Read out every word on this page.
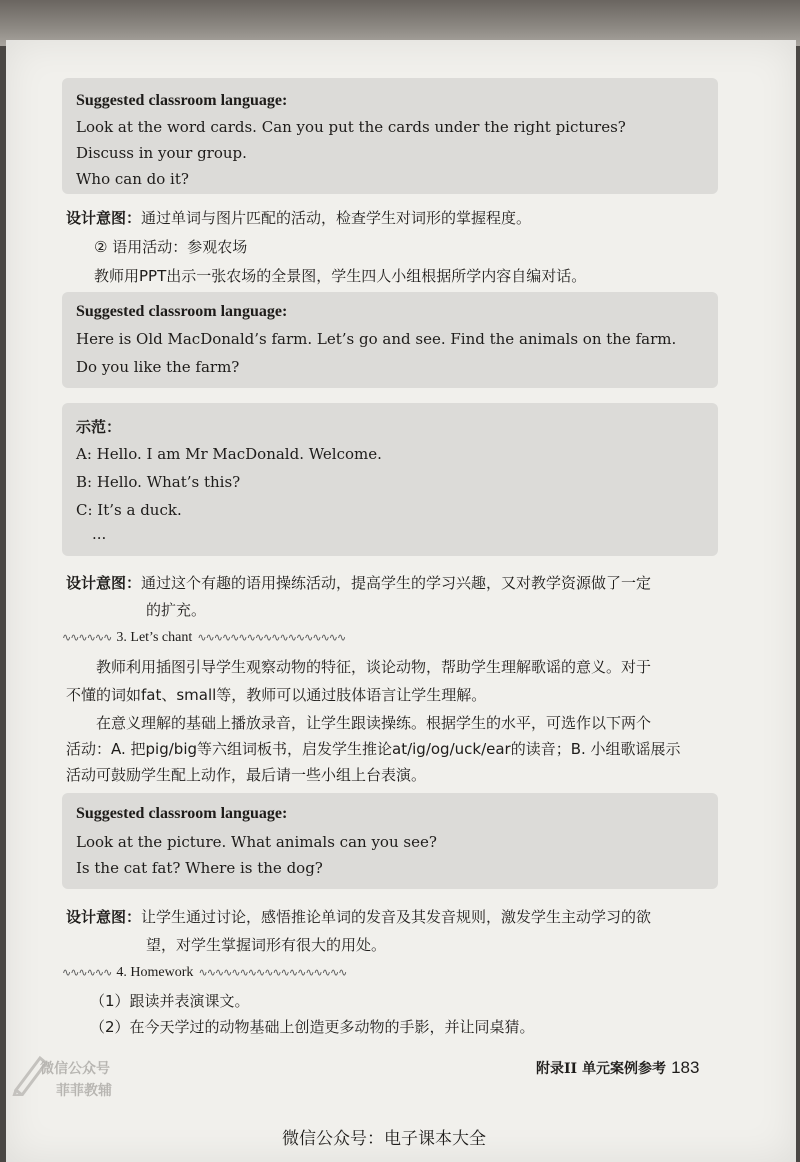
Suggested classroom language:
Look at the word cards. Can you put the cards under the right pictures?
Discuss in your group.
Who can do it?
设计意图：通过单词与图片匹配的活动，检查学生对词形的掌握程度。
② 语用活动：参观农场
教师用PPT出示一张农场的全景图，学生四人小组根据所学内容自编对话。
Suggested classroom language:
Here is Old MacDonald’s farm. Let’s go and see. Find the animals on the farm.
Do you like the farm?
示范：
A: Hello. I am Mr MacDonald. Welcome.
B: Hello. What’s this?
C: It’s a duck.
...
设计意图：通过这个有趣的语用操练活动，提高学生的学习兴趣，又对教学资源做了一定
的扩充。
∿∿∿∿∿∿ 3. Let’s chant ∿∿∿∿∿∿∿∿∿∿∿∿∿∿∿∿∿∿
教师利用插图引导学生观察动物的特征，谈论动物，帮助学生理解歌谣的意义。对于
不懂的词如fat、small等，教师可以通过肢体语言让学生理解。
在意义理解的基础上播放录音，让学生跟读操练。根据学生的水平，可选作以下两个
活动：A. 把pig/big等六组词板书，启发学生推论at/ig/og/uck/ear的读音；B. 小组歌谣展示
活动可鼓励学生配上动作，最后请一些小组上台表演。
Suggested classroom language:
Look at the picture. What animals can you see?
Is the cat fat? Where is the dog?
设计意图：让学生通过讨论，感悟推论单词的发音及其发音规则，激发学生主动学习的欲
望，对学生掌握词形有很大的用处。
∿∿∿∿∿∿ 4. Homework ∿∿∿∿∿∿∿∿∿∿∿∿∿∿∿∿∿∿
（1）跟读并表演课文。
（2）在今天学过的动物基础上创造更多动物的手影，并让同桌猜。
附录II 单元案例参考 183
微信公众号
菲菲教辅
微信公众号：电子课本大全
